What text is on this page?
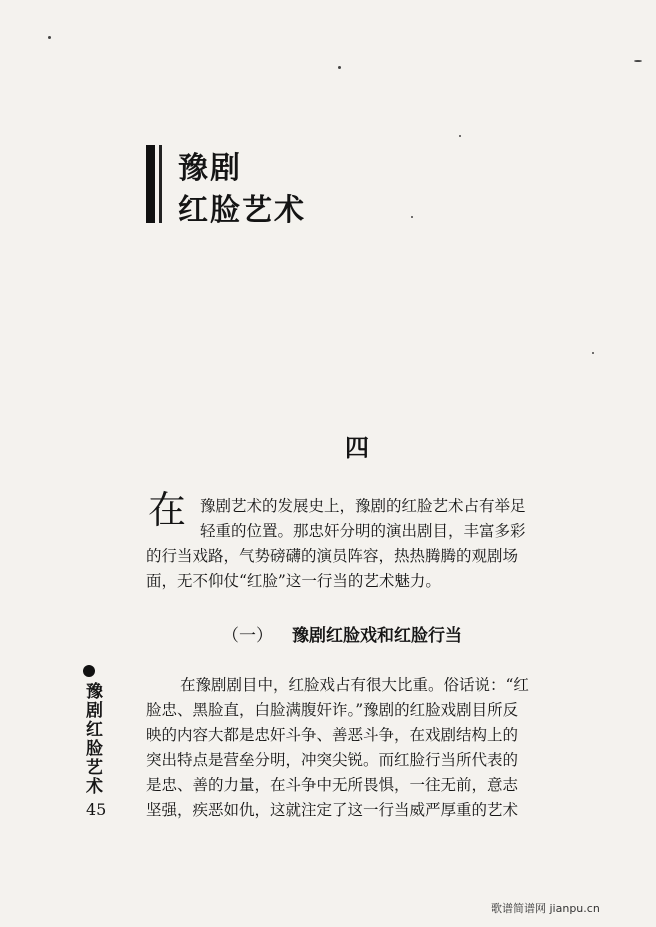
豫剧
红脸艺术
四
在 豫剧艺术的发展史上，豫剧的红脸艺术占有举足
轻重的位置。那忠奸分明的演出剧目，丰富多彩
的行当戏路，气势磅礴的演员阵容，热热腾腾的观剧场
面，无不仰仗“红脸”这一行当的艺术魅力。
（一） 豫剧红脸戏和红脸行当
在豫剧剧目中，红脸戏占有很大比重。俗话说：“红
脸忠、黑脸直，白脸满腹奸诈。”豫剧的红脸戏剧目所反
映的内容大都是忠奸斗争、善恶斗争，在戏剧结构上的
突出特点是营垒分明，冲突尖锐。而红脸行当所代表的
是忠、善的力量，在斗争中无所畏惧，一往无前，意志
坚强，疾恶如仇，这就注定了这一行当威严厚重的艺术
豫剧红脸艺术
45
歌谱简谱网 jianpu.cn
